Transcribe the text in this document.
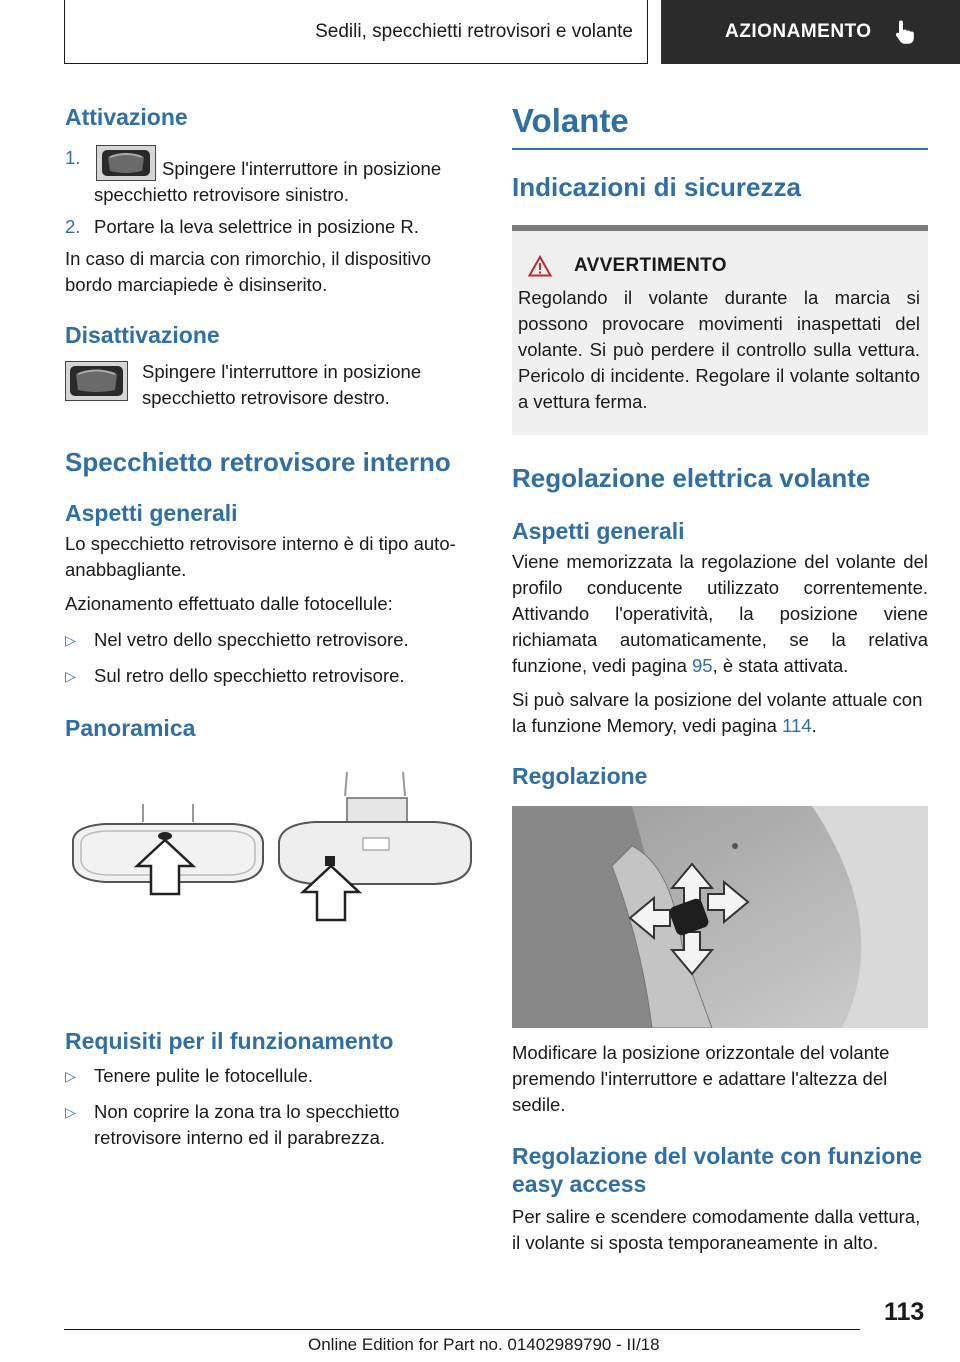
Sedili, specchietti retrovisori e volante	AZIONAMENTO
Attivazione
1.
Spingere l'interruttore in posizione specchietto retrovisore sinistro.
2. Portare la leva selettrice in posizione R.

In caso di marcia con rimorchio, il dispositivo bordo marciapiede è disinserito.

Disattivazione

Spingere l'interruttore in posizione specchietto retrovisore destro.

Specchietto retrovisore interno
Aspetti generali

Lo specchietto retrovisore interno è di tipo auto-anabbagliante.

Azionamento effettuato dalle fotocellule:

▷ Nel vetro dello specchietto retrovisore.
▷ Sul retro dello specchietto retrovisore.
Panoramica
Requisiti per il funzionamento
▷ Tenere pulite le fotocellule.
▷ Non coprire la zona tra lo specchietto retrovisore interno ed il parabrezza.
Volante
Indicazioni di sicurezza
AVVERTIMENTO

Regolando il volante durante la marcia si possono provocare movimenti inaspettati del volante. Si può perdere il controllo sulla vettura. Pericolo di incidente. Regolare il volante soltanto a vettura ferma.

Regolazione elettrica volante
Aspetti generali

Viene memorizzata la regolazione del volante del profilo conducente utilizzato correntemente. Attivando l'operatività, la posizione viene richiamata automaticamente, se la relativa funzione, vedi pagina 95, è stata attivata.

Si può salvare la posizione del volante attuale con la funzione Memory, vedi pagina 114.

Regolazione

Modificare la posizione orizzontale del volante premendo l'interruttore e adattare l'altezza del sedile.

Regolazione del volante con funzione easy access

Per salire e scendere comodamente dalla vettura, il volante si sposta temporaneamente in alto.

113
Online Edition for Part no. 01402989790 - II/18
